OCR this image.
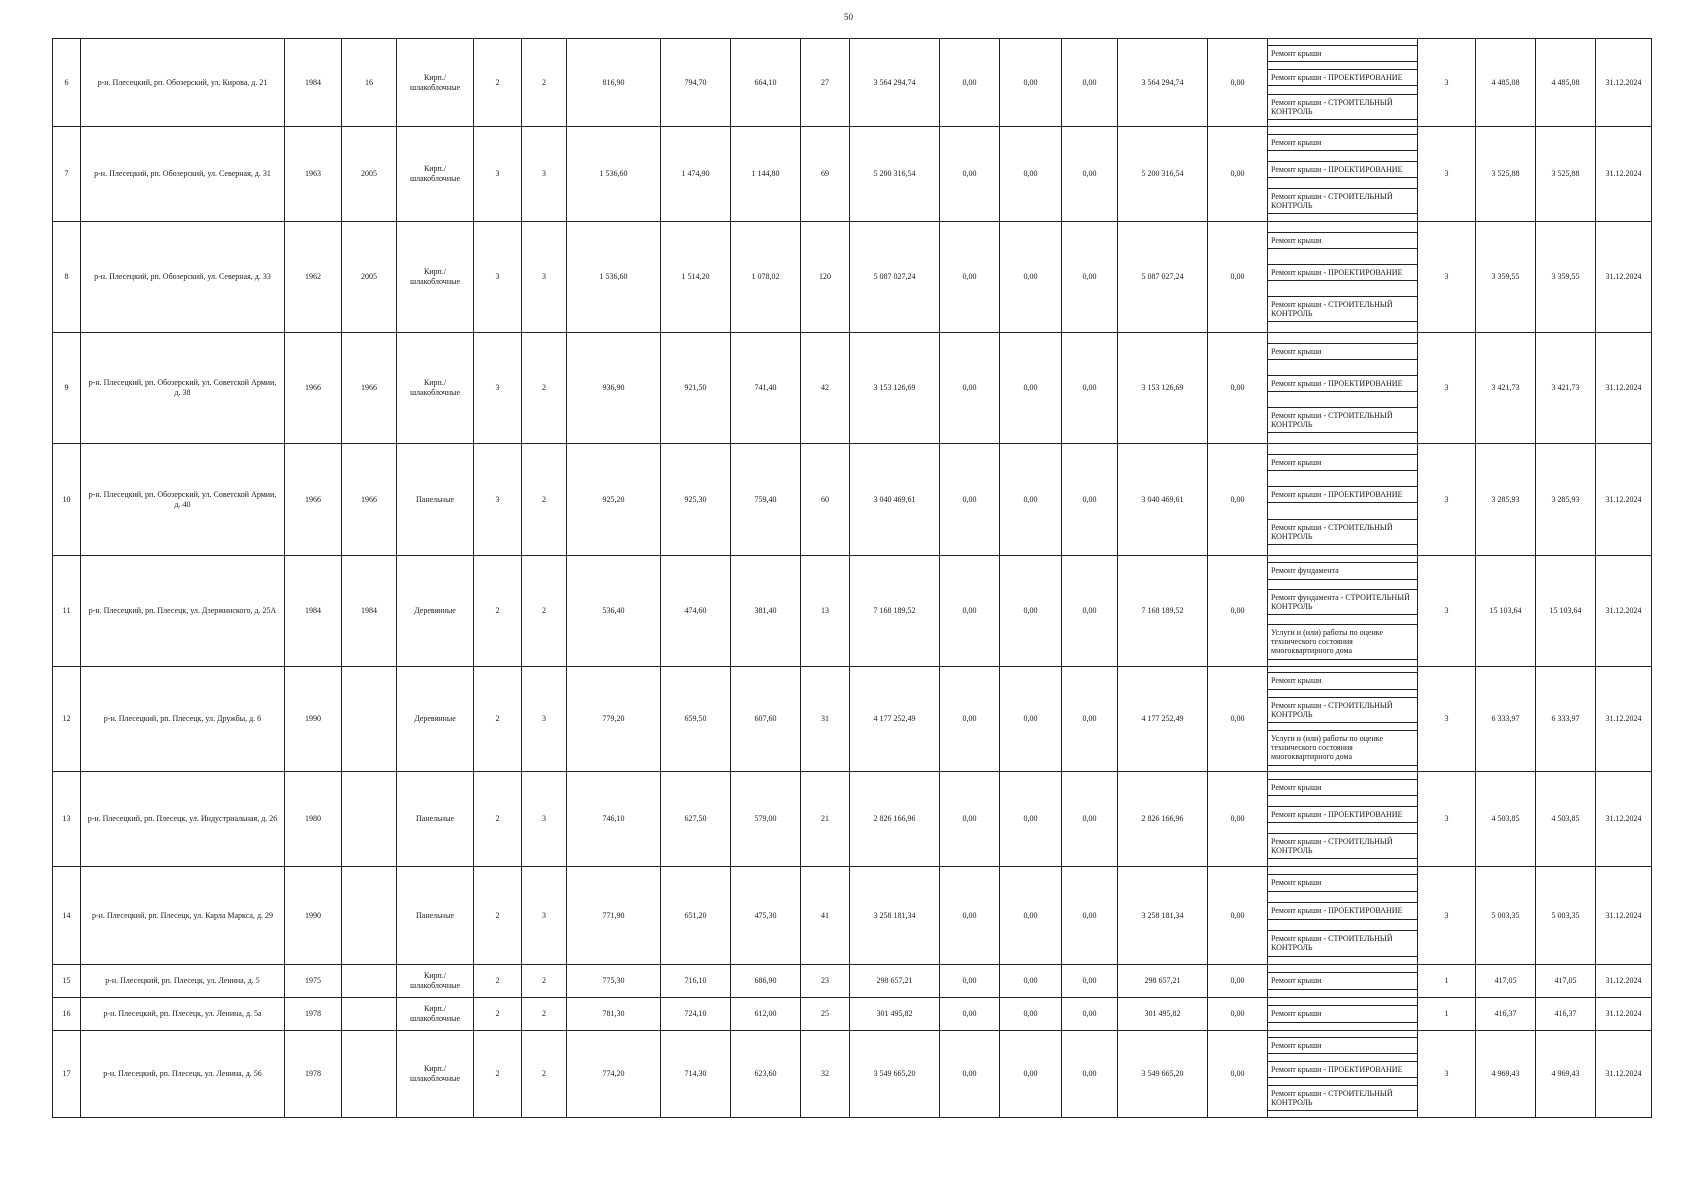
50
6	р-н. Плесецкий, рп. Обозерский, ул. Кирова, д. 21	1984	16	Кирп./ шлакоблочные	2	2	816,90	794,70	664,10	27	3 564 294,74	0,00	0,00	0,00	3 564 294,74	0,00	Ремонт крыши
Ремонт крыши - ПРОЕКТИРОВАНИЕ
Ремонт крыши - СТРОИТЕЛЬНЫЙ КОНТРОЛЬ	3	4 485,08	4 485,08	31.12.2024
7	р-н. Плесецкий, рп. Обозерский, ул. Северная, д. 31	1963	2005	Кирп./ шлакоблочные	3	3	1 536,60	1 474,90	1 144,80	69	5 200 316,54	0,00	0,00	0,00	5 200 316,54	0,00	Ремонт крыши
Ремонт крыши - ПРОЕКТИРОВАНИЕ
Ремонт крыши - СТРОИТЕЛЬНЫЙ КОНТРОЛЬ	3	3 525,88	3 525,88	31.12.2024
8	р-н. Плесецкий, рп. Обозерский, ул. Северная, д. 33	1962	2005	Кирп./ шлакоблочные	3	3	1 536,60	1 514,20	1 078,02	120	5 087 027,24	0,00	0,00	0,00	5 087 027,24	0,00	Ремонт крыши
Ремонт крыши - ПРОЕКТИРОВАНИЕ
Ремонт крыши - СТРОИТЕЛЬНЫЙ КОНТРОЛЬ	3	3 359,55	3 359,55	31.12.2024
9	р-н. Плесецкий, рп. Обозерский, ул. Советской Армии, д. 38	1966	1966	Кирп./ шлакоблочные	3	2	936,90	921,50	741,40	42	3 153 126,69	0,00	0,00	0,00	3 153 126,69	0,00	Ремонт крыши
Ремонт крыши - ПРОЕКТИРОВАНИЕ
Ремонт крыши - СТРОИТЕЛЬНЫЙ КОНТРОЛЬ	3	3 421,73	3 421,73	31.12.2024
10	р-н. Плесецкий, рп. Обозерский, ул. Советской Армии, д. 40	1966	1966	Панельные	3	2	925,20	925,30	759,40	60	3 040 469,61	0,00	0,00	0,00	3 040 469,61	0,00	Ремонт крыши
Ремонт крыши - ПРОЕКТИРОВАНИЕ
Ремонт крыши - СТРОИТЕЛЬНЫЙ КОНТРОЛЬ	3	3 285,93	3 285,93	31.12.2024
11	р-н. Плесецкий, рп. Плесецк, ул. Дзержинского, д. 25А	1984	1984	Деревянные	2	2	536,40	474,60	381,40	13	7 168 189,52	0,00	0,00	0,00	7 168 189,52	0,00	Ремонт фундамента
Ремонт фундамента - СТРОИТЕЛЬНЫЙ КОНТРОЛЬ
Услуги и (или) работы по оценке технического состояния многоквартирного дома	3	15 103,64	15 103,64	31.12.2024
12	р-н. Плесецкий, рп. Плесецк, ул. Дружбы, д. 6	1990		Деревянные	2	3	779,20	659,50	607,60	31	4 177 252,49	0,00	0,00	0,00	4 177 252,49	0,00	Ремонт крыши
Ремонт крыши - СТРОИТЕЛЬНЫЙ КОНТРОЛЬ
Услуги и (или) работы по оценке технического состояния многоквартирного дома	3	6 333,97	6 333,97	31.12.2024
13	р-н. Плесецкий, рп. Плесецк, ул. Индустриальная, д. 26	1980		Панельные	2	3	746,10	627,50	579,00	21	2 826 166,96	0,00	0,00	0,00	2 826 166,96	0,00	Ремонт крыши
Ремонт крыши - ПРОЕКТИРОВАНИЕ
Ремонт крыши - СТРОИТЕЛЬНЫЙ КОНТРОЛЬ	3	4 503,85	4 503,85	31.12.2024
14	р-н. Плесецкий, рп. Плесецк, ул. Карла Маркса, д. 29	1990		Панельные	2	3	771,90	651,20	475,30	41	3 258 181,34	0,00	0,00	0,00	3 258 181,34	0,00	Ремонт крыши
Ремонт крыши - ПРОЕКТИРОВАНИЕ
Ремонт крыши - СТРОИТЕЛЬНЫЙ КОНТРОЛЬ	3	5 003,35	5 003,35	31.12.2024
15	р-н. Плесецкий, рп. Плесецк, ул. Ленина, д. 5	1975		Кирп./ шлакоблочные	2	2	775,30	716,10	686,90	23	298 657,21	0,00	0,00	0,00	298 657,21	0,00	Ремонт крыши	1	417,05	417,05	31.12.2024
16	р-н. Плесецкий, рп. Плесецк, ул. Ленина, д. 5а	1978		Кирп./ шлакоблочные	2	2	781,30	724,10	612,00	25	301 495,82	0,00	0,00	0,00	301 495,82	0,00	Ремонт крыши	1	416,37	416,37	31.12.2024
17	р-н. Плесецкий, рп. Плесецк, ул. Ленина, д. 56	1978		Кирп./ шлакоблочные	2	2	774,20	714,30	623,60	32	3 549 665,20	0,00	0,00	0,00	3 549 665,20	0,00	Ремонт крыши
Ремонт крыши - ПРОЕКТИРОВАНИЕ
Ремонт крыши - СТРОИТЕЛЬНЫЙ КОНТРОЛЬ	3	4 969,43	4 969,43	31.12.2024
